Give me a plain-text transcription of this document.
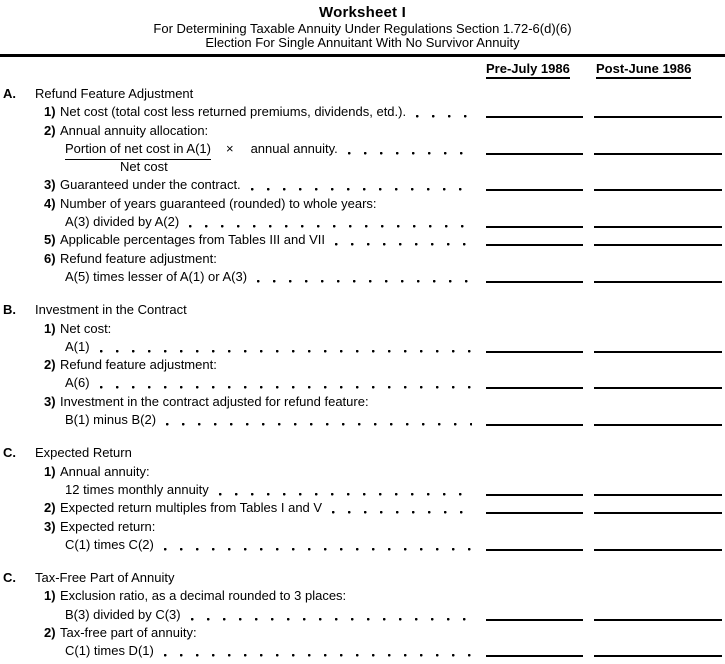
Worksheet I
For Determining Taxable Annuity Under Regulations Section 1.72-6(d)(6)
Election For Single Annuitant With No Survivor Annuity
Pre-July 1986 Post-June 1986
A.	Refund Feature Adjustment
1) Net cost (total cost less returned premiums, dividends, etd.).
2) Annual annuity allocation:
Portion of net cost in A(1) × annual annuity.
Net cost
3) Guaranteed under the contract.
4) Number of years guaranteed (rounded) to whole years:
A(3) divided by A(2)
5) Applicable percentages from Tables III and VII
6) Refund feature adjustment:
A(5) times lesser of A(1) or A(3)
B.	Investment in the Contract
1) Net cost:
A(1)
2) Refund feature adjustment:
A(6)
3) Investment in the contract adjusted for refund feature:
B(1) minus B(2)
C.	Expected Return
1) Annual annuity:
12 times monthly annuity
2) Expected return multiples from Tables I and V
3) Expected return:
C(1) times C(2)
C.	Tax-Free Part of Annuity
1) Exclusion ratio, as a decimal rounded to 3 places:
B(3) divided by C(3)
2) Tax-free part of annuity:
C(1) times D(1)
